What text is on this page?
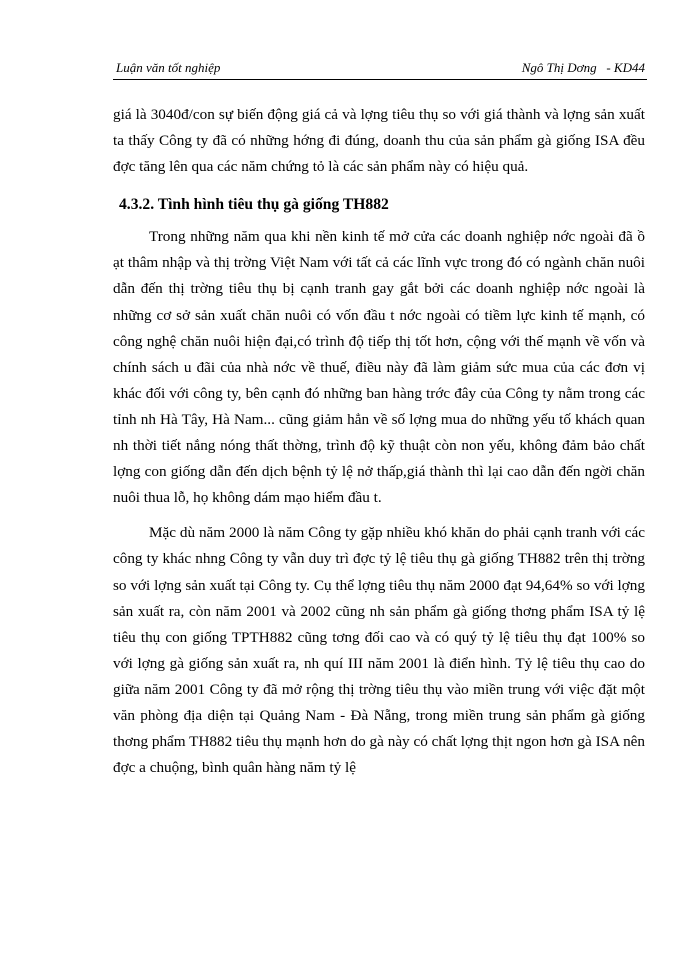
Luận văn tốt nghiệp	Ngô Thị Dơng   - KD44

giá là 3040đ/con sự biến động giá cả và lợng tiêu thụ so với giá thành và lợng sản xuất ta thấy Công ty đã có những hớng đi đúng, doanh thu của sản phẩm gà giống ISA đều đợc tăng lên qua các năm chứng tỏ là các sản phẩm này có hiệu quả.

4.3.2. Tình hình tiêu thụ gà giống TH882

Trong những năm qua khi nền kinh tế mở cửa các doanh nghiệp nớc ngoài đã ồ ạt thâm nhập và thị trờng Việt Nam với tất cả các lĩnh vực trong đó có ngành chăn nuôi dẫn đến thị trờng tiêu thụ bị cạnh tranh gay gắt bởi các doanh nghiệp nớc ngoài là những cơ sở sản xuất chăn nuôi có vốn đầu t nớc ngoài có tiềm lực kinh tế mạnh, có công nghệ chăn nuôi hiện đại,có trình độ tiếp thị tốt hơn, cộng với thế mạnh về vốn và chính sách u đãi của nhà nớc về thuế, điều này đã làm giảm sức mua của các đơn vị khác đối với công ty, bên cạnh đó những ban hàng trớc đây của Công ty nằm trong các tỉnh nh Hà Tây, Hà Nam... cũng giảm hẳn về số lợng mua do những yếu tố khách quan nh thời tiết nắng nóng thất thờng, trình độ kỹ thuật còn non yếu, không đảm bảo chất lợng con giống dẫn đến dịch bệnh tỷ lệ nở thấp,giá thành thì lại cao dẫn đến ngời chăn nuôi thua lỗ, họ không dám mạo hiểm đầu t.

Mặc dù năm 2000 là năm Công ty gặp nhiều khó khăn do phải cạnh tranh với các công ty khác nhng Công ty vẫn duy trì đợc tỷ lệ tiêu thụ gà giống TH882 trên thị trờng so với lợng sản xuất tại Công ty. Cụ thể lợng tiêu thụ năm 2000 đạt 94,64% so với lợng sản xuất ra, còn năm 2001 và 2002 cũng nh sản phẩm gà giống thơng phẩm ISA tỷ lệ tiêu thụ con giống TPTH882 cũng tơng đối cao và có quý tỷ lệ tiêu thụ đạt 100% so với lợng gà giống sản xuất ra, nh quí III năm 2001 là điển hình. Tỷ lệ tiêu thụ cao do giữa năm 2001 Công ty đã mở rộng thị trờng tiêu thụ vào miền trung với việc đặt một văn phòng địa diện tại Quảng Nam - Đà Nẵng, trong miền trung sản phẩm gà giống thơng phẩm TH882 tiêu thụ mạnh hơn do gà này có chất lợng thịt ngon hơn gà ISA nên đợc a chuộng, bình quân hàng năm tỷ lệ
